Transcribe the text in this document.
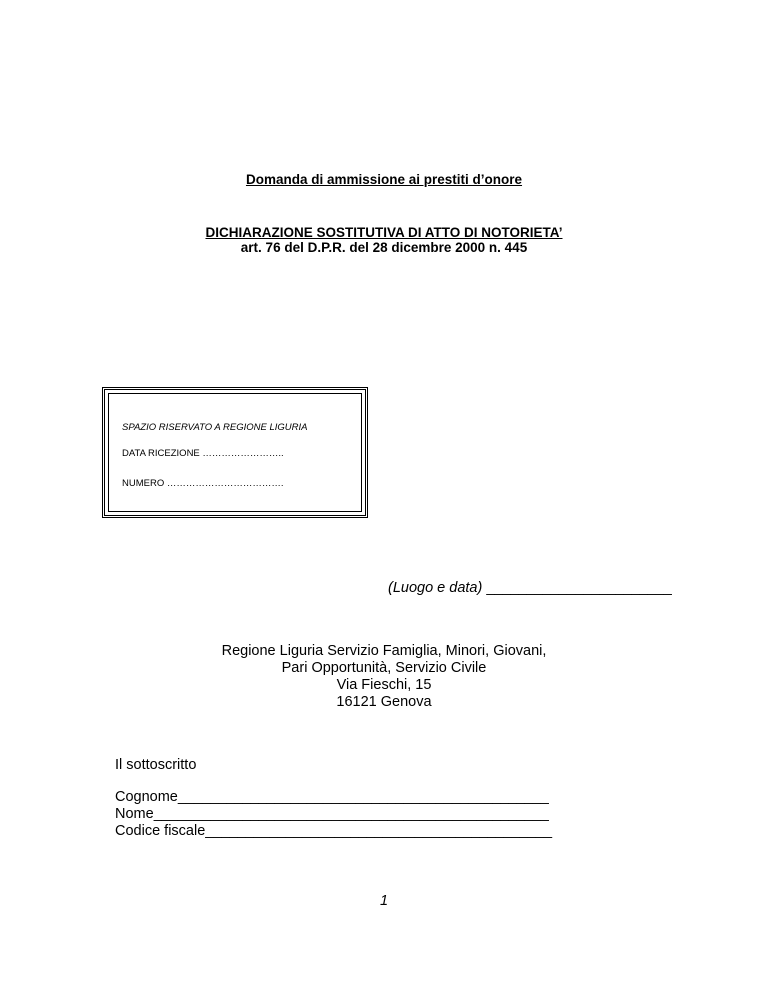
Domanda di ammissione ai prestiti d’onore
DICHIARAZIONE SOSTITUTIVA DI ATTO DI NOTORIETA’
art. 76 del D.P.R. del 28 dicembre 2000 n. 445
SPAZIO RISERVATO A REGIONE LIGURIA
DATA RICEZIONE ……………………..
NUMERO ……………………………….
(Luogo e data) _______________________
Regione Liguria Servizio Famiglia, Minori, Giovani,
Pari Opportunità, Servizio Civile
Via Fieschi, 15
16121 Genova
Il sottoscritto
Cognome______________________________________________
Nome_________________________________________________
Codice fiscale___________________________________________
1
